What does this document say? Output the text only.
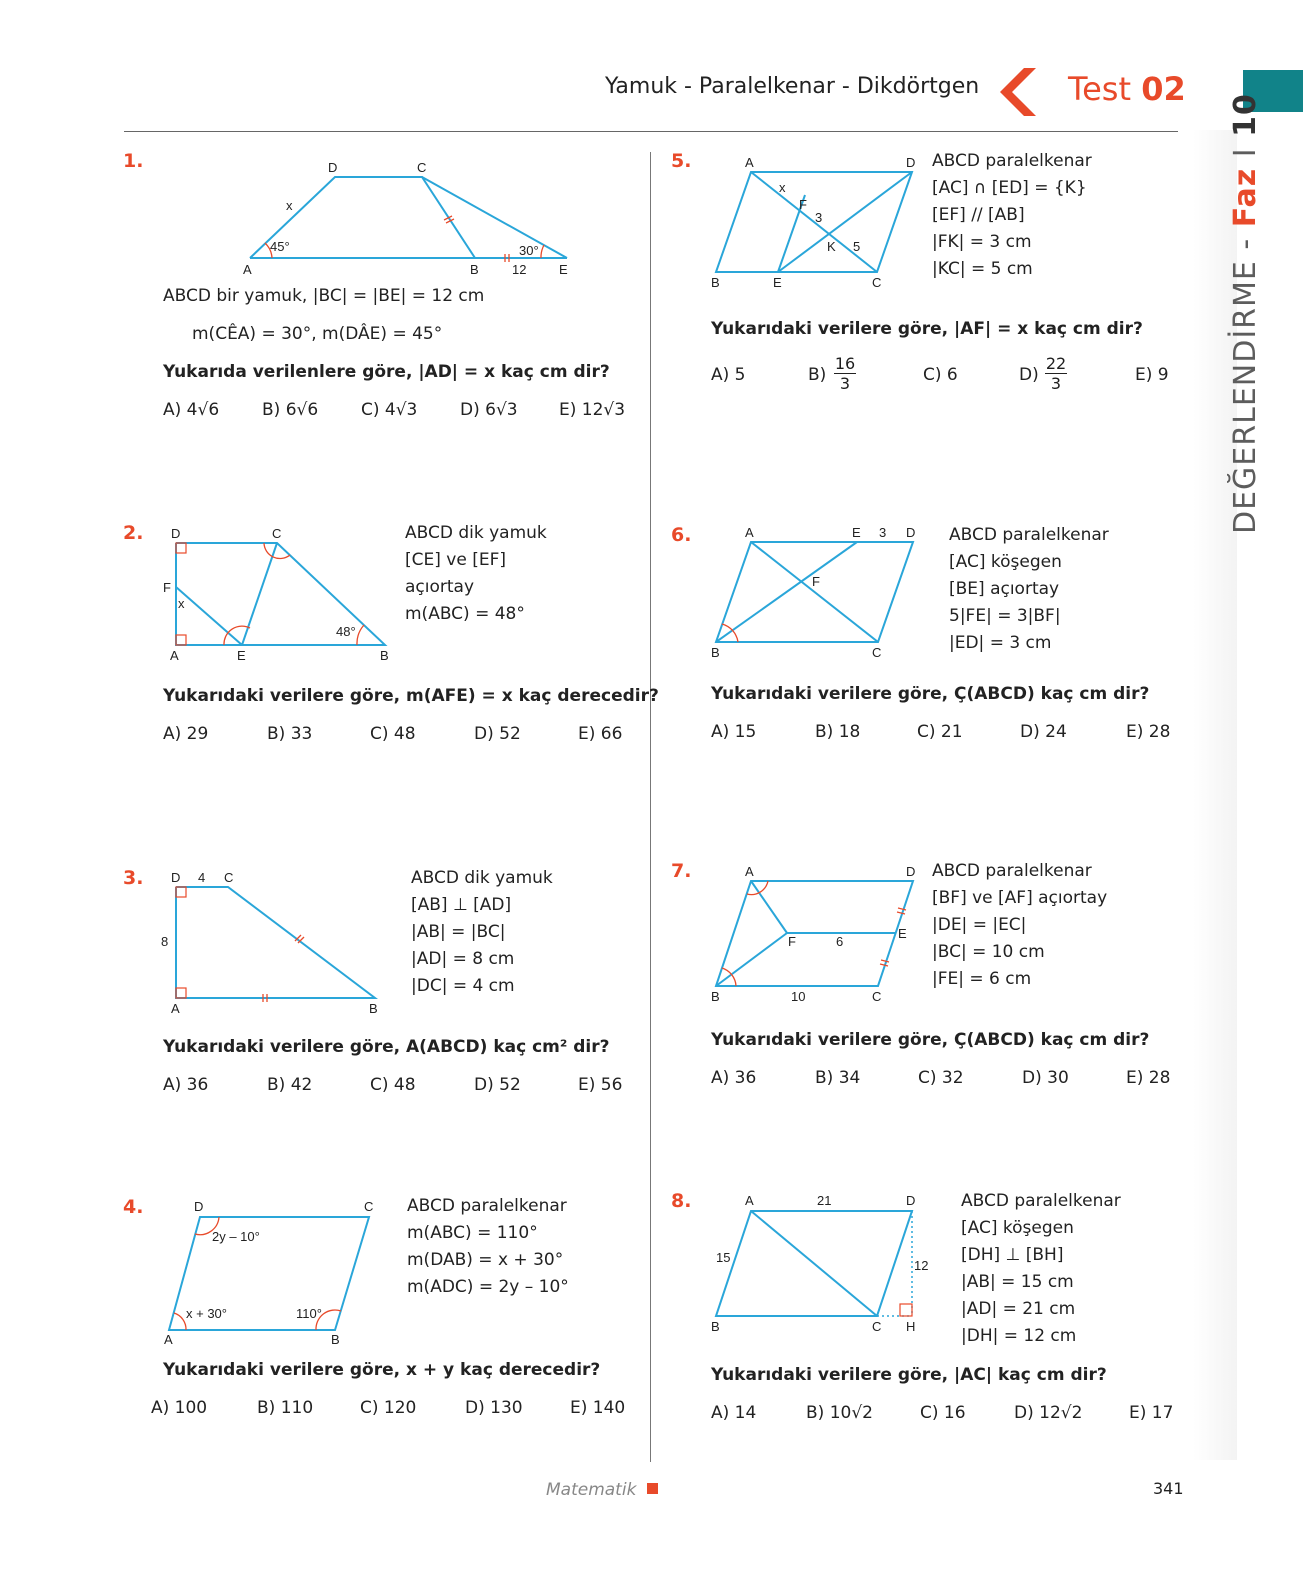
Yamuk - Paralelkenar - Dikdörtgen	Test 02
DEĞERLENDİRME - Faz I 10
1.
A	B
C
D
E
x
45°	30°
12
ABCD bir yamuk, |BC| = |BE| = 12 cm
m(CÊA) = 30°, m(DÂE) = 45°
Yukarıda verilenlere göre, |AD| = x kaç cm dir?
A) 4√6	B) 6√6	C) 4√3	D) 6√3 E) 12√3
2. D	C
F
x
A	E	B
48°
ABCD dik yamuk
[CE] ve [EF]
açıortay
m(ABC) = 48°
Yukarıdaki verilere göre, m(AFE) = x kaç derecedir?
A) 29	B) 33	C) 48	D) 52	E) 66
3. D 4 C
8
A	B
ABCD dik yamuk
[AB] ⊥ [AD]
|AB| = |BC|
|AD| = 8 cm
|DC| = 4 cm
Yukarıdaki verilere göre, A(ABCD) kaç cm² dir?
A) 36	B) 42	C) 48	D) 52	E) 56
4.	D	C
A	B
2y – 10°
x + 30°	110°
ABCD paralelkenar
m(ABC) = 110°
m(DAB) = x + 30°
m(ADC) = 2y – 10°
Yukarıdaki verilere göre, x + y kaç derecedir?
A) 100	B) 110	C) 120	D) 130	E) 140
5.	A	D
B	E	C
F
K
x
3
5
ABCD paralelkenar
[AC] ∩ [ED] = {K}
[EF] // [AB]
|FK| = 3 cm
|KC| = 5 cm
Yukarıdaki verilere göre, |AF| = x kaç cm dir?
A) 5	$B) \frac{16}{3}$	C) 6	$D) \frac{22}{3}$	E) 9
6.	A	E 3 D
F
B	C
ABCD paralelkenar
[AC] köşegen
[BE] açıortay
5|FE| = 3|BF|
|ED| = 3 cm
Yukarıdaki verilere göre, Ç(ABCD) kaç cm dir?
A) 15	B) 18	C) 21	D) 24	E) 28
7.	A	D
E
F	6
B	10	C
ABCD paralelkenar
[BF] ve [AF] açıortay
|DE| = |EC|
|BC| = 10 cm
|FE| = 6 cm
Yukarıdaki verilere göre, Ç(ABCD) kaç cm dir?
A) 36	B) 34	C) 32	D) 30	E) 28
8.	A	21	D
15
12
B	C H
ABCD paralelkenar
[AC] köşegen
[DH] ⊥ [BH]
|AB| = 15 cm
|AD| = 21 cm
|DH| = 12 cm
Yukarıdaki verilere göre, |AC| kaç cm dir?
A) 14	B) 10√2	C) 16	D) 12√2	E) 17
Matematik	341
